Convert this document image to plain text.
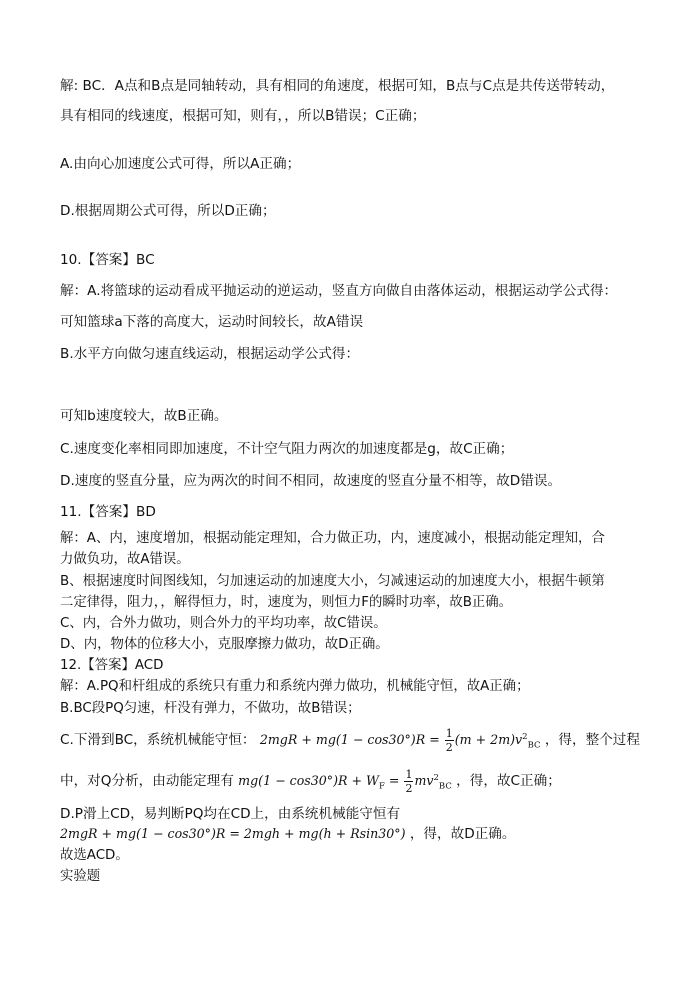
解: BC．A点和B点是同轴转动，具有相同的角速度，根据可知，B点与C点是共传送带转动，
具有相同的线速度，根据可知，则有，，所以B错误；C正确；
A.由向心加速度公式可得，所以A正确；
D.根据周期公式可得，所以D正确；
10.【答案】BC
解：A.将篮球的运动看成平抛运动的逆运动，竖直方向做自由落体运动，根据运动学公式得：
可知篮球a下落的高度大，运动时间较长，故A错误
B.水平方向做匀速直线运动，根据运动学公式得：
可知b速度较大，故B正确。
C.速度变化率相同即加速度，不计空气阻力两次的加速度都是g，故C正确；
D.速度的竖直分量，应为两次的时间不相同，故速度的竖直分量不相等，故D错误。
11.【答案】BD
解：A、内，速度增加，根据动能定理知，合力做正功，内，速度减小，根据动能定理知，合
力做负功，故A错误。
B、根据速度时间图线知，匀加速运动的加速度大小，匀减速运动的加速度大小，根据牛顿第
二定律得，阻力，，解得恒力，时，速度为，则恒力F的瞬时功率，故B正确。
C、内，合外力做功，则合外力的平均功率，故C错误。
D、内，物体的位移大小，克服摩擦力做功，故D正确。
12.【答案】ACD
解：A.PQ和杆组成的系统只有重力和系统内弹力做功，机械能守恒，故A正确；
B.BC段PQ匀速，杆没有弹力，不做功，故B错误；
C.下滑到BC，系统机械能守恒： $2mgR + mg(1 - \cos 30^\circ)R = \frac{1}{2} (m + 2m)v^2_{BC}$ ，得，整个过程
中，对Q分析，由动能定理有 $mg(1 - \cos 30^\circ)R + W_F = \frac{1}{2} mv^2_{BC}$ ，得，故C正确；
D.P滑上CD，易判断PQ均在CD上，由系统机械能守恒有
2mgR + mg(1 − cos30°)R = 2mgh + mg(h + Rsin30°) ，得，故D正确。
故选ACD。
实验题
